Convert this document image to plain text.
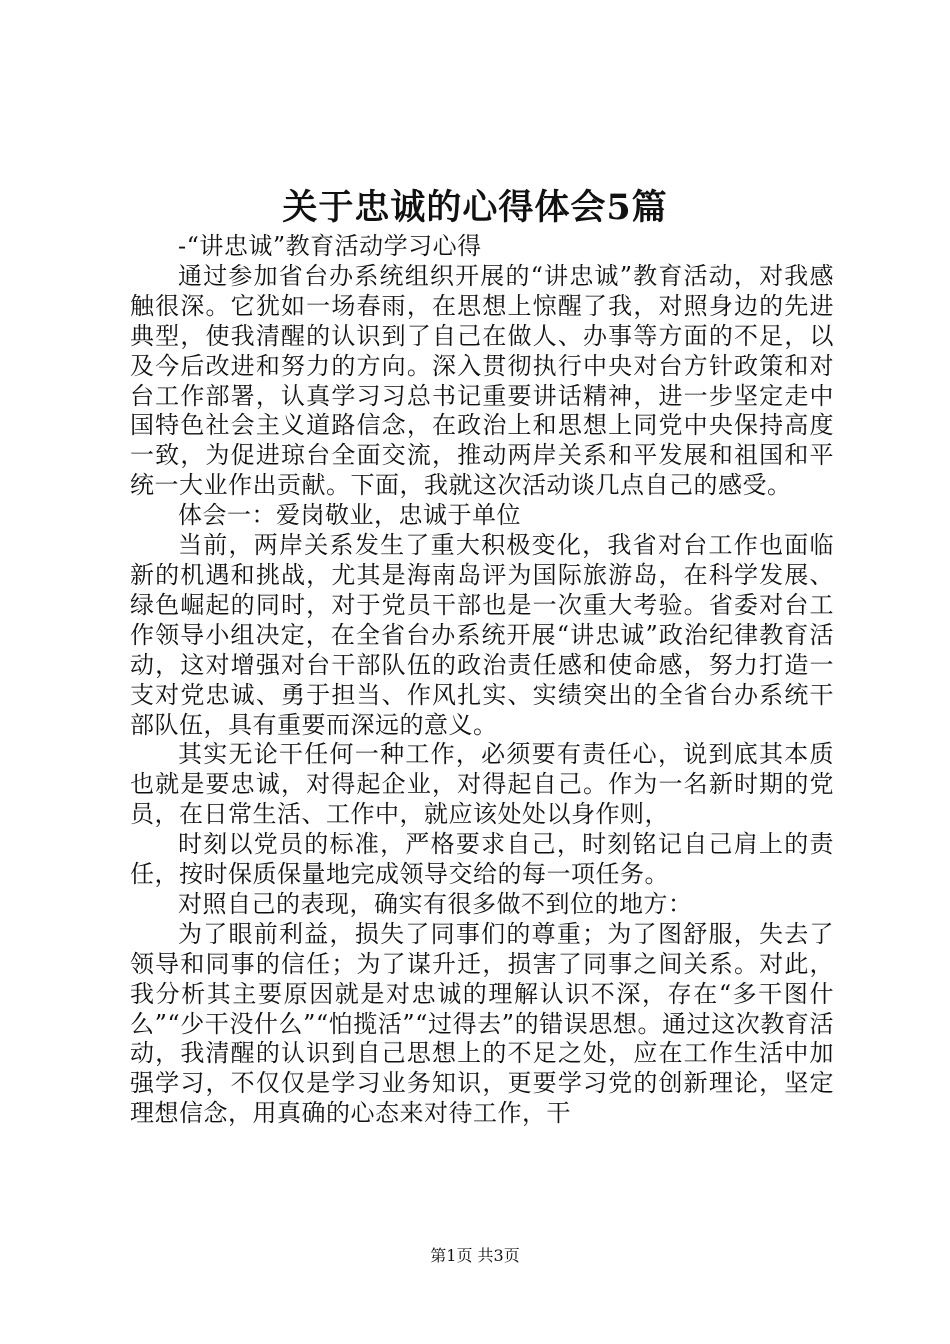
关于忠诚的心得体会5篇

-“讲忠诚”教育活动学习心得

通过参加省台办系统组织开展的“讲忠诚”教育活动，对我感触很深。它犹如一场春雨，在思想上惊醒了我，对照身边的先进典型，使我清醒的认识到了自己在做人、办事等方面的不足，以及今后改进和努力的方向。深入贯彻执行中央对台方针政策和对台工作部署，认真学习习总书记重要讲话精神，进一步坚定走中国特色社会主义道路信念，在政治上和思想上同党中央保持高度一致，为促进琼台全面交流，推动两岸关系和平发展和祖国和平统一大业作出贡献。下面，我就这次活动谈几点自己的感受。

体会一：爱岗敬业，忠诚于单位

当前，两岸关系发生了重大积极变化，我省对台工作也面临新的机遇和挑战，尤其是海南岛评为国际旅游岛，在科学发展、绿色崛起的同时，对于党员干部也是一次重大考验。省委对台工作领导小组决定，在全省台办系统开展“讲忠诚”政治纪律教育活动，这对增强对台干部队伍的政治责任感和使命感，努力打造一支对党忠诚、勇于担当、作风扎实、实绩突出的全省台办系统干部队伍，具有重要而深远的意义。

其实无论干任何一种工作，必须要有责任心，说到底其本质也就是要忠诚，对得起企业，对得起自己。作为一名新时期的党员，在日常生活、工作中，就应该处处以身作则，

时刻以党员的标准，严格要求自己，时刻铭记自己肩上的责任，按时保质保量地完成领导交给的每一项任务。

对照自己的表现，确实有很多做不到位的地方：

为了眼前利益，损失了同事们的尊重；为了图舒服，失去了领导和同事的信任；为了谋升迁，损害了同事之间关系。对此，我分析其主要原因就是对忠诚的理解认识不深，存在“多干图什么”“少干没什么”“怕揽活”“过得去”的错误思想。通过这次教育活动，我清醒的认识到自己思想上的不足之处，应在工作生活中加强学习，不仅仅是学习业务知识，更要学习党的创新理论，坚定理想信念，用真确的心态来对待工作，干

第1页 共3页
